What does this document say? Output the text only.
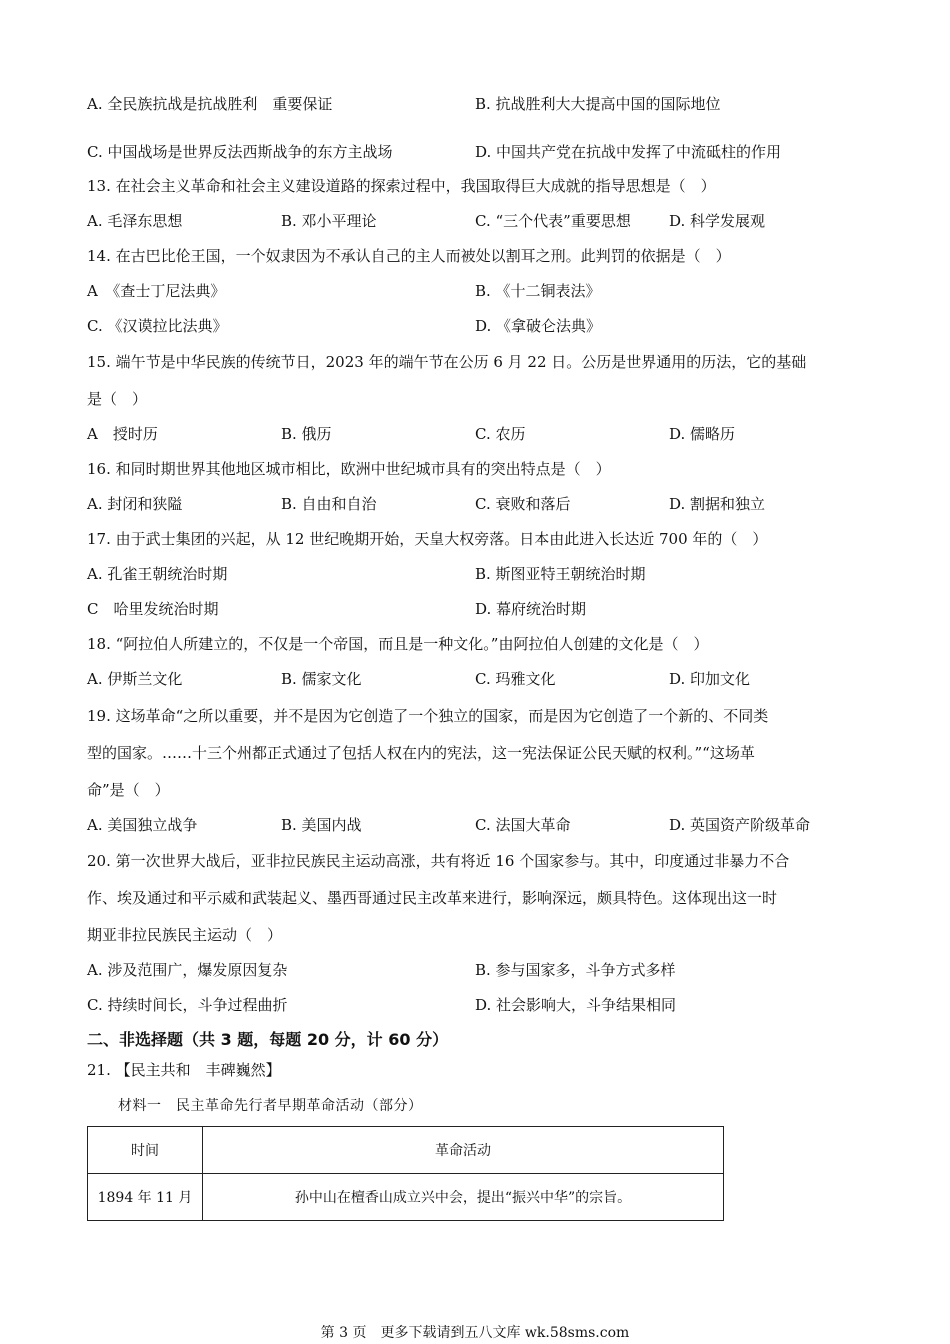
A. 全民族抗战是抗战胜利　重要保证	B. 抗战胜利大大提高中国的国际地位
C. 中国战场是世界反法西斯战争的东方主战场	D. 中国共产党在抗战中发挥了中流砥柱的作用
13. 在社会主义革命和社会主义建设道路的探索过程中，我国取得巨大成就的指导思想是（　）
A. 毛泽东思想	B. 邓小平理论	C. “三个代表”重要思想	D. 科学发展观
14. 在古巴比伦王国，一个奴隶因为不承认自己的主人而被处以割耳之刑。此判罚的依据是（　）
A　《查士丁尼法典》	B. 《十二铜表法》
C. 《汉谟拉比法典》	D. 《拿破仑法典》
15. 端午节是中华民族的传统节日，2023 年的端午节在公历 6 月 22 日。公历是世界通用的历法，它的基础
是（　）
A　授时历	B. 俄历	C. 农历	D. 儒略历
16. 和同时期世界其他地区城市相比，欧洲中世纪城市具有的突出特点是（　）
A. 封闭和狭隘	B. 自由和自治	C. 衰败和落后	D. 割据和独立
17. 由于武士集团的兴起，从 12 世纪晚期开始，天皇大权旁落。日本由此进入长达近 700 年的（　）
A. 孔雀王朝统治时期	B. 斯图亚特王朝统治时期
C　哈里发统治时期	D. 幕府统治时期
18. “阿拉伯人所建立的，不仅是一个帝国，而且是一种文化。”由阿拉伯人创建的文化是（　）
A. 伊斯兰文化	B. 儒家文化	C. 玛雅文化	D. 印加文化
19. 这场革命“之所以重要，并不是因为它创造了一个独立的国家，而是因为它创造了一个新的、不同类
型的国家。……十三个州都正式通过了包括人权在内的宪法，这一宪法保证公民天赋的权利。”“这场革
命”是（　）
A. 美国独立战争	B. 美国内战	C. 法国大革命	D. 英国资产阶级革命
20. 第一次世界大战后，亚非拉民族民主运动高涨，共有将近 16 个国家参与。其中，印度通过非暴力不合
作、埃及通过和平示威和武装起义、墨西哥通过民主改革来进行，影响深远，颇具特色。这体现出这一时
期亚非拉民族民主运动（　）
A. 涉及范围广，爆发原因复杂	B. 参与国家多，斗争方式多样
C. 持续时间长，斗争过程曲折	D. 社会影响大，斗争结果相同
二、非选择题（共 3 题，每题 20 分，计 60 分）
21. 【民主共和　丰碑巍然】
材料一　民主革命先行者早期革命活动（部分）
时间	革命活动
1894 年 11 月	孙中山在檀香山成立兴中会，提出“振兴中华”的宗旨。
第 3 页　更多下载请到五八文库 wk.58sms.com
